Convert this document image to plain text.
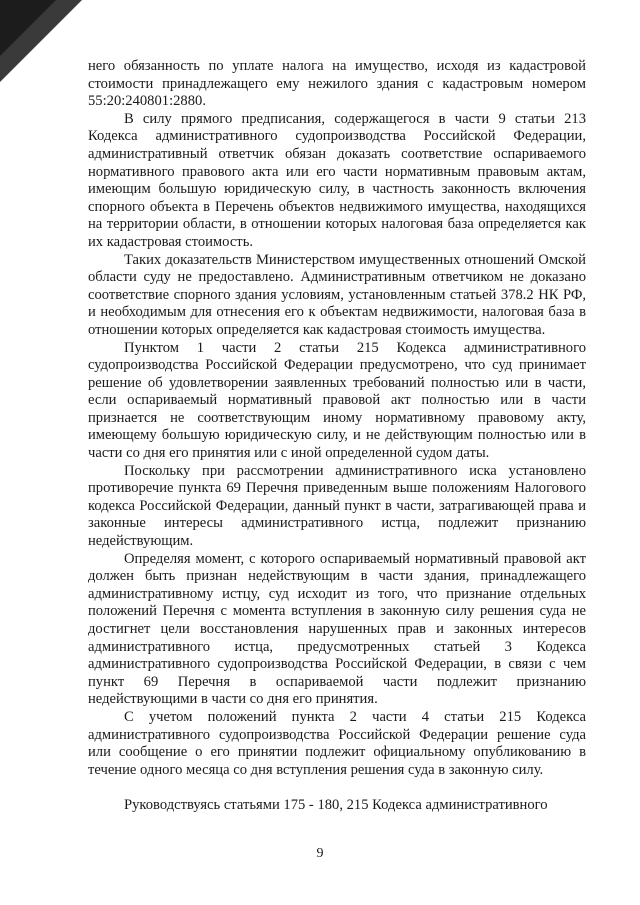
него обязанность по уплате налога на имущество, исходя из кадастровой стоимости принадлежащего ему нежилого здания с кадастровым номером 55:20:240801:2880.

В силу прямого предписания, содержащегося в части 9 статьи 213 Кодекса административного судопроизводства Российской Федерации, административный ответчик обязан доказать соответствие оспариваемого нормативного правового акта или его части нормативным правовым актам, имеющим большую юридическую силу, в частность законность включения спорного объекта в Перечень объектов недвижимого имущества, находящихся на территории области, в отношении которых налоговая база определяется как их кадастровая стоимость.

Таких доказательств Министерством имущественных отношений Омской области суду не предоставлено. Административным ответчиком не доказано соответствие спорного здания условиям, установленным статьей 378.2 НК РФ, и необходимым для отнесения его к объектам недвижимости, налоговая база в отношении которых определяется как кадастровая стоимость имущества.

Пунктом 1 части 2 статьи 215 Кодекса административного судопроизводства Российской Федерации предусмотрено, что суд принимает решение об удовлетворении заявленных требований полностью или в части, если оспариваемый нормативный правовой акт полностью или в части признается не соответствующим иному нормативному правовому акту, имеющему большую юридическую силу, и не действующим полностью или в части со дня его принятия или с иной определенной судом даты.

Поскольку при рассмотрении административного иска установлено противоречие пункта 69 Перечня приведенным выше положениям Налогового кодекса Российской Федерации, данный пункт в части, затрагивающей права и законные интересы административного истца, подлежит признанию недействующим.

Определяя момент, с которого оспариваемый нормативный правовой акт должен быть признан недействующим в части здания, принадлежащего административному истцу, суд исходит из того, что признание отдельных положений Перечня с момента вступления в законную силу решения суда не достигнет цели восстановления нарушенных прав и законных интересов административного истца, предусмотренных статьей 3 Кодекса административного судопроизводства Российской Федерации, в связи с чем пункт 69 Перечня в оспариваемой части подлежит признанию недействующими в части со дня его принятия.

С учетом положений пункта 2 части 4 статьи 215 Кодекса административного судопроизводства Российской Федерации решение суда или сообщение о его принятии подлежит официальному опубликованию в течение одного месяца со дня вступления решения суда в законную силу.

Руководствуясь статьями 175 - 180, 215 Кодекса административного

9
